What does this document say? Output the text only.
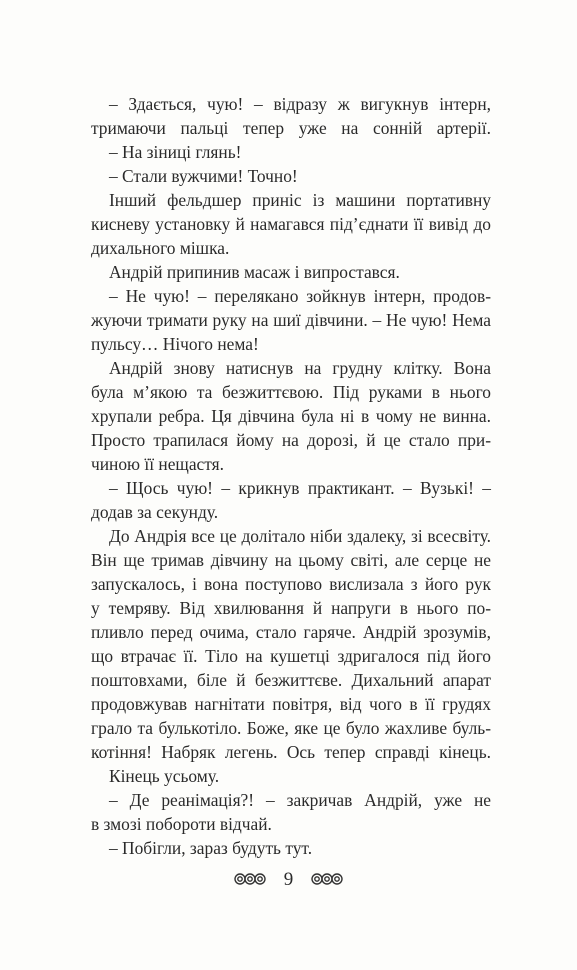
– Здається, чую! – відразу ж вигукнув інтерн,
тримаючи пальці тепер уже на сонній артерії.
– На зіниці глянь!
– Стали вужчими! Точно!
Інший фельдшер приніс із машини портативну
кисневу установку й намагався під’єднати її вивід до
дихального мішка.
Андрій припинив масаж і випростався.
– Не чую! – перелякано зойкнув інтерн, продов-
жуючи тримати руку на шиї дівчини. – Не чую! Нема
пульсу… Нічого нема!
Андрій знову натиснув на грудну клітку. Вона
була м’якою та безжиттєвою. Під руками в нього
хрупали ребра. Ця дівчина була ні в чому не винна.
Просто трапилася йому на дорозі, й це стало при-
чиною її нещастя.
– Щось чую! – крикнув практикант. – Вузькі! –
додав за секунду.
До Андрія все це долітало ніби здалеку, зі всесвіту.
Він ще тримав дівчину на цьому світі, але серце не
запускалось, і вона поступово вислизала з його рук
у темряву. Від хвилювання й напруги в нього по-
пливло перед очима, стало гаряче. Андрій зрозумів,
що втрачає її. Тіло на кушетці здригалося під його
поштовхами, біле й безжиттєве. Дихальний апарат
продовжував нагнітати повітря, від чого в її грудях
грало та булькотіло. Боже, яке це було жахливе буль-
котіння! Набряк легень. Ось тепер справді кінець.
Кінець усьому.
– Де реанімація?! – закричав Андрій, уже не
в змозі побороти відчай.
– Побігли, зараз будуть тут.
9
